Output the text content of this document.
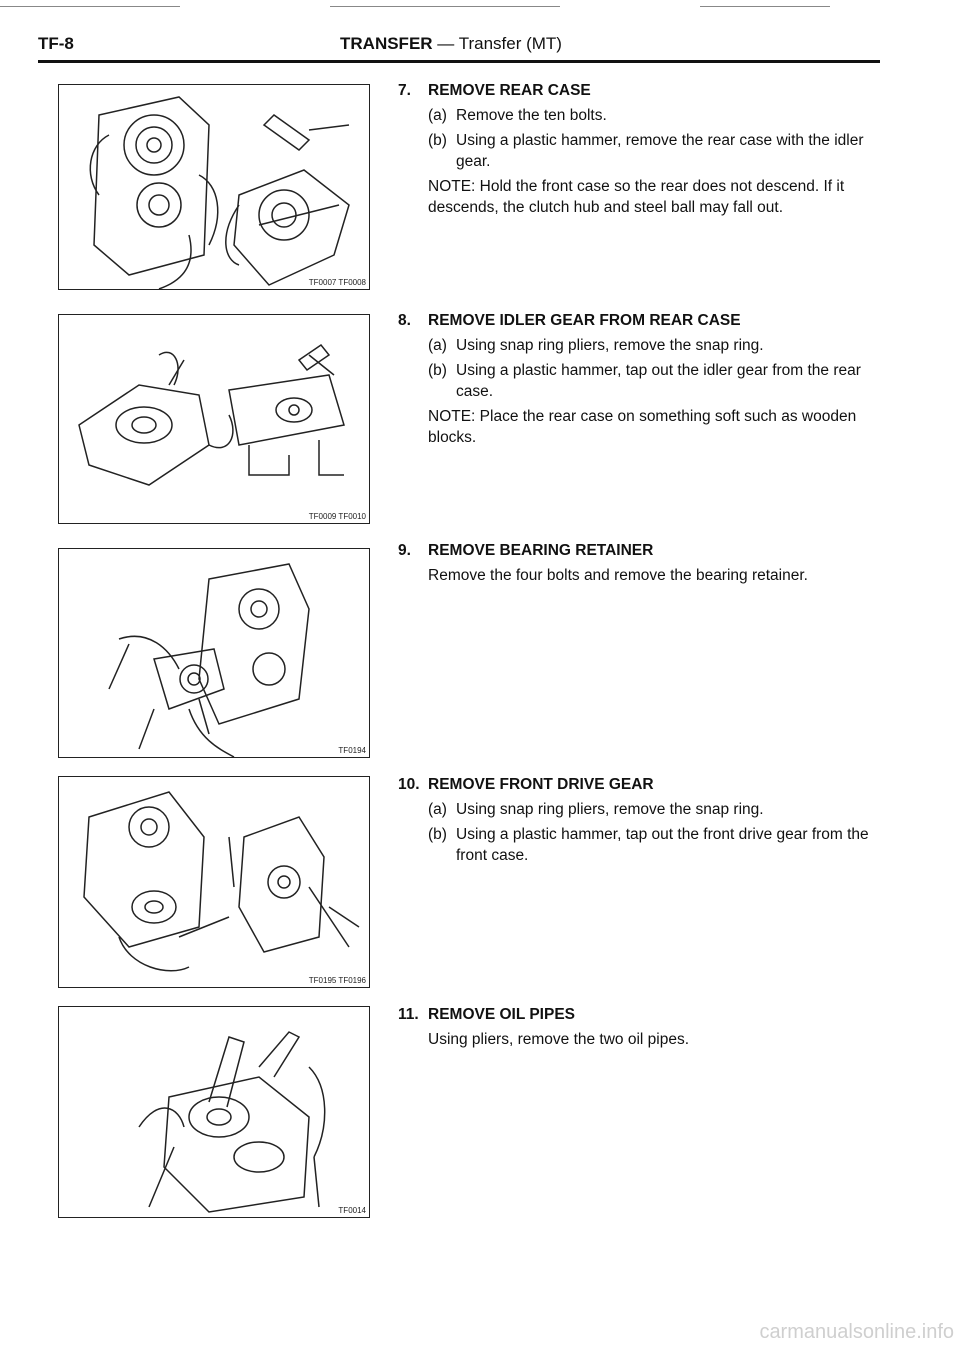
TF-8	TRANSFER — Transfer (MT)
TF0007 TF0008
TF0009 TF0010
TF0194
TF0195 TF0196
TF0014
7. REMOVE REAR CASE
(a) Remove the ten bolts.
(b) Using a plastic hammer, remove the rear case with the idler gear.
NOTE: Hold the front case so the rear does not descend. If it descends, the clutch hub and steel ball may fall out.
8. REMOVE IDLER GEAR FROM REAR CASE
(a) Using snap ring pliers, remove the snap ring.
(b) Using a plastic hammer, tap out the idler gear from the rear case.
NOTE: Place the rear case on something soft such as wooden blocks.
9. REMOVE BEARING RETAINER
Remove the four bolts and remove the bearing retainer.
10. REMOVE FRONT DRIVE GEAR
(a) Using snap ring pliers, remove the snap ring.
(b) Using a plastic hammer, tap out the front drive gear from the front case.
11. REMOVE OIL PIPES
Using pliers, remove the two oil pipes.
carmanualsonline.info
